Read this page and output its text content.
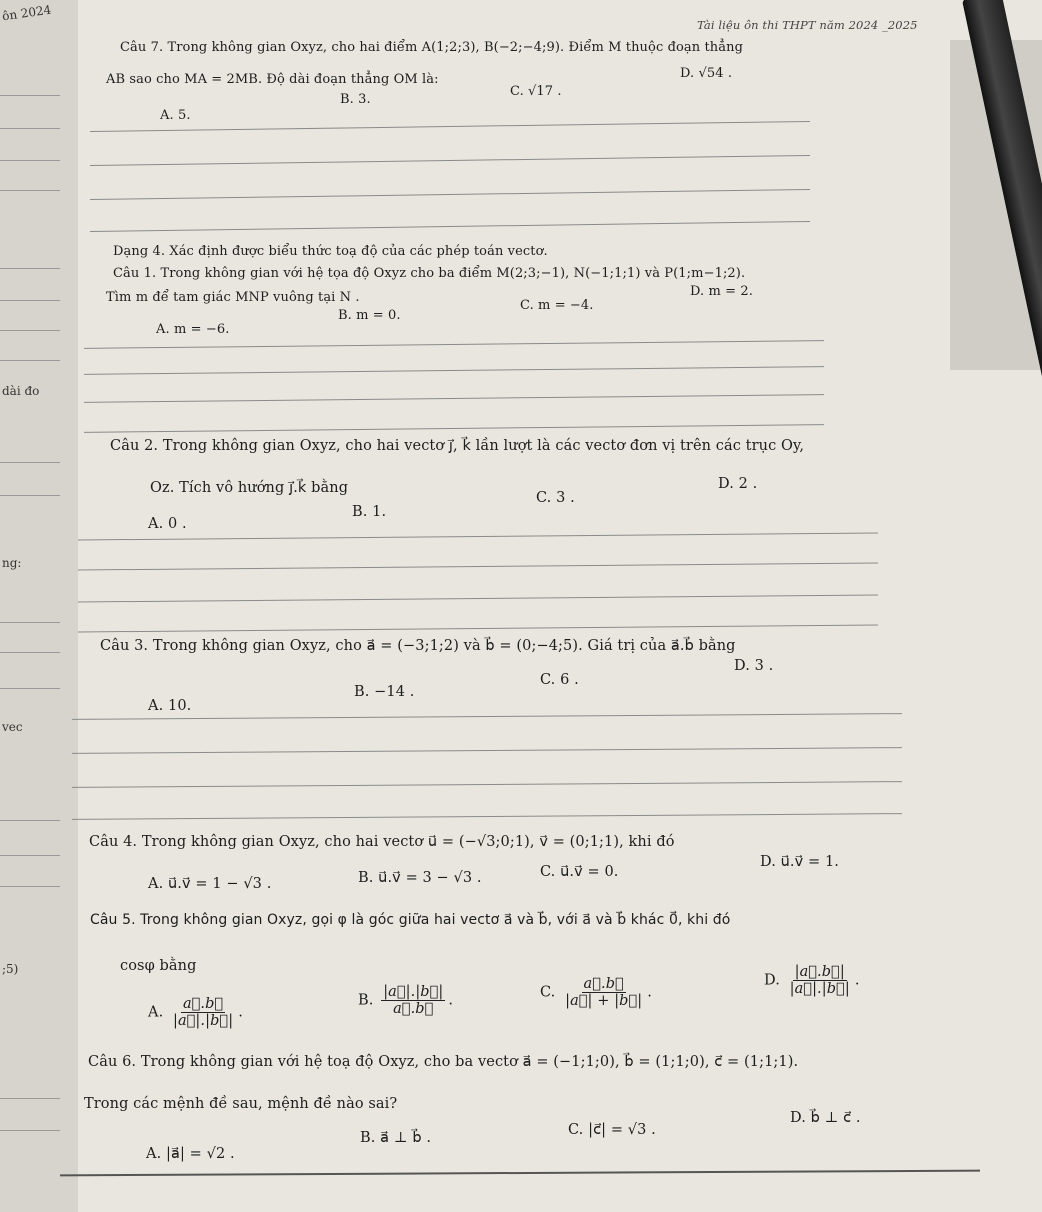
ôn 2024
dài đo
ng:
vec
;5)
Tài liệu ôn thi THPT năm 2024 _2025
Câu 7. Trong không gian Oxyz, cho hai điểm A(1;2;3), B(−2;−4;9). Điểm M thuộc đoạn thẳng
AB sao cho MA = 2MB. Độ dài đoạn thẳng OM là:
A. 5.
B. 3.
C. √17 .
D. √54 .
Dạng 4. Xác định được biểu thức toạ độ của các phép toán vectơ.
Câu 1. Trong không gian với hệ tọa độ Oxyz cho ba điểm M(2;3;−1), N(−1;1;1) và P(1;m−1;2).
Tìm m để tam giác MNP vuông tại N .
A. m = −6.
B. m = 0.
C. m = −4.
D. m = 2.
Câu 2. Trong không gian Oxyz, cho hai vectơ j⃗, k⃗ lần lượt là các vectơ đơn vị trên các trục Oy,
Oz. Tích vô hướng j⃗.k⃗ bằng
A. 0 .
B. 1.
C. 3 .
D. 2 .
Câu 3. Trong không gian Oxyz, cho a⃗ = (−3;1;2) và b⃗ = (0;−4;5). Giá trị của a⃗.b⃗ bằng
A. 10.
B. −14 .
C. 6 .
D. 3 .
Câu 4. Trong không gian Oxyz, cho hai vectơ u⃗ = (−√3;0;1), v⃗ = (0;1;1), khi đó
A. u⃗.v⃗ = 1 − √3 .	B. u⃗.v⃗ = 3 − √3 .	C. u⃗.v⃗ = 0.
D. u⃗.v⃗ = 1.
Câu 5. Trong không gian Oxyz, gọi φ là góc giữa hai vectơ a⃗ và b⃗, với a⃗ và b⃗ khác 0⃗, khi đó
cosφ bằng
A. $\frac{a⃗.b⃗}{|a⃗|.|b⃗|}$ .
B. $\frac{|a⃗|.|b⃗|}{a⃗.b⃗}$ .	C. $\frac{a⃗.b⃗}{|a⃗| + |b⃗|}$ .
D. $\frac{|a⃗.b⃗|}{|a⃗|.|b⃗|}$ .
Câu 6. Trong không gian với hệ toạ độ Oxyz, cho ba vectơ a⃗ = (−1;1;0), b⃗ = (1;1;0), c⃗ = (1;1;1).
Trong các mệnh đề sau, mệnh đề nào sai?
A. |a⃗| = √2 .
B. a⃗ ⊥ b⃗ .	C. |c⃗| = √3 .
D. b⃗ ⊥ c⃗ .
